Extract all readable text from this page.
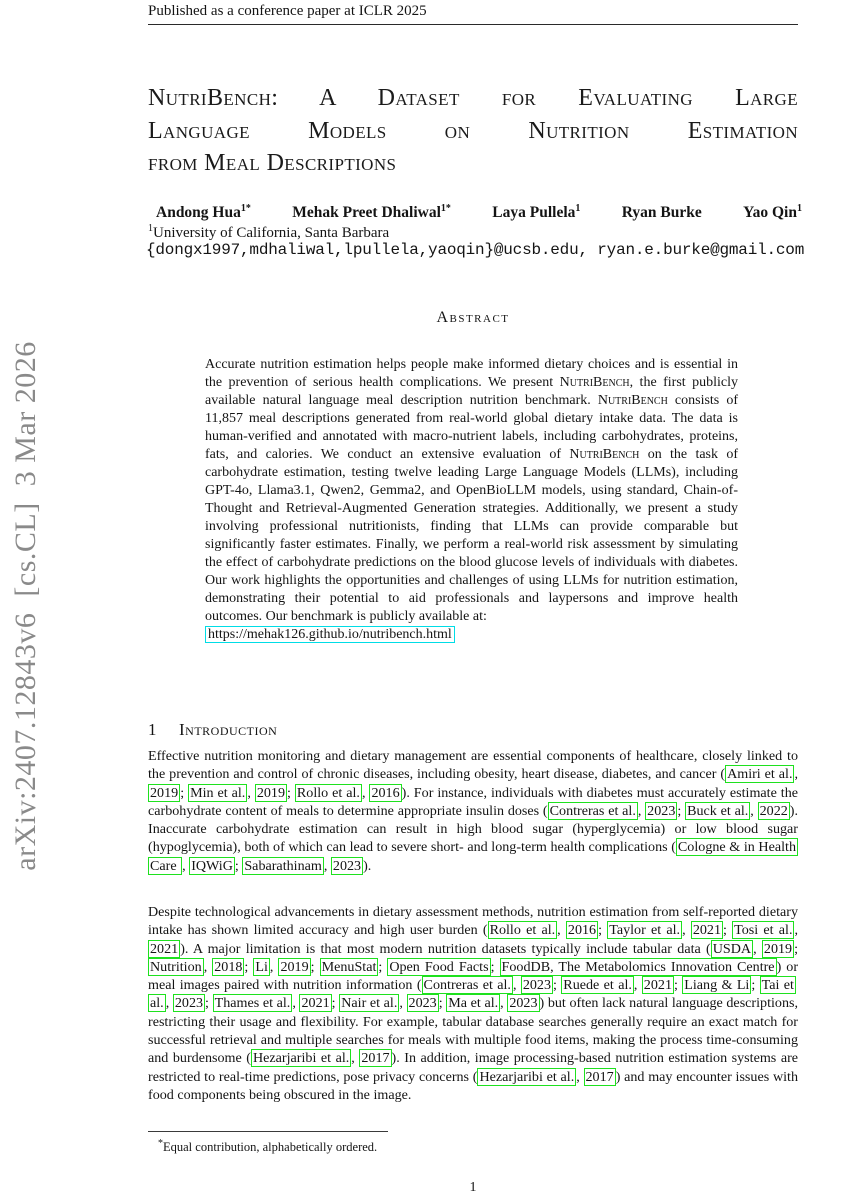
Published as a conference paper at ICLR 2025
arXiv:2407.12843v6  [cs.CL]  3 Mar 2026
NutriBench: A Dataset for Evaluating Large
Language Models on Nutrition Estimation
from Meal Descriptions
Andong Hua$^{1*}$	Mehak Preet Dhaliwal$^{1*}$	Laya Pullela$^1$	Ryan Burke	Yao Qin$^1$
$^1$University of California, Santa Barbara
{dongx1997,mdhaliwal,lpullela,yaoqin}@ucsb.edu, ryan.e.burke@gmail.com
Abstract
Accurate nutrition estimation helps people make informed dietary choices and is essential in the prevention of serious health complications. We present NutriBench, the first publicly available natural language meal description nutrition benchmark. NutriBench consists of 11,857 meal descriptions generated from real-world global dietary intake data. The data is human-verified and annotated with macro-nutrient labels, including carbohydrates, proteins, fats, and calories. We conduct an extensive evaluation of NutriBench on the task of carbohydrate estimation, testing twelve leading Large Language Models (LLMs), including GPT-4o, Llama3.1, Qwen2, Gemma2, and OpenBioLLM models, using standard, Chain-of-Thought and Retrieval-Augmented Generation strategies. Additionally, we present a study involving professional nutritionists, finding that LLMs can provide comparable but significantly faster estimates. Finally, we perform a real-world risk assessment by simulating the effect of carbohydrate predictions on the blood glucose levels of individuals with diabetes. Our work highlights the opportunities and challenges of using LLMs for nutrition estimation, demonstrating their potential to aid professionals and laypersons and improve health outcomes. Our benchmark is publicly available at:
https://mehak126.github.io/nutribench.html
1 Introduction
Effective nutrition monitoring and dietary management are essential components of healthcare, closely linked to the prevention and control of chronic diseases, including obesity, heart disease, diabetes, and cancer ( Amiri et al. , 2019 ; Min et al. , 2019 ; Rollo et al. , 2016 ). For instance, individuals with diabetes must accurately estimate the carbohydrate content of meals to determine appropriate insulin doses ( Contreras et al. , 2023 ; Buck et al. , 2022 ). Inaccurate carbohydrate estimation can result in high blood sugar (hyperglycemia) or low blood sugar (hypoglycemia), both of which can lead to severe short- and long-term health complications ( Cologne & in Health Care , IQWiG ; Sabarathinam , 2023 ).
Despite technological advancements in dietary assessment methods, nutrition estimation from self-reported dietary intake has shown limited accuracy and high user burden ( Rollo et al. , 2016 ; Taylor et al. , 2021 ; Tosi et al. , 2021 ). A major limitation is that most modern nutrition datasets typically include tabular data ( USDA , 2019 ; Nutrition , 2018 ; Li , 2019 ; MenuStat ; Open Food Facts ; FoodDB, The Metabolomics Innovation Centre ) or meal images paired with nutrition information ( Contreras et al. , 2023 ; Ruede et al. , 2021 ; Liang & Li ; Tai et al. , 2023 ; Thames et al. , 2021 ; Nair et al. , 2023 ; Ma et al. , 2023 ) but often lack natural language descriptions, restricting their usage and flexibility. For example, tabular database searches generally require an exact match for successful retrieval and multiple searches for meals with multiple food items, making the process time-consuming and burdensome ( Hezarjaribi et al. , 2017 ). In addition, image processing-based nutrition estimation systems are restricted to real-time predictions, pose privacy concerns ( Hezarjaribi et al. , 2017 ) and may encounter issues with food components being obscured in the image.
*Equal contribution, alphabetically ordered.
1
